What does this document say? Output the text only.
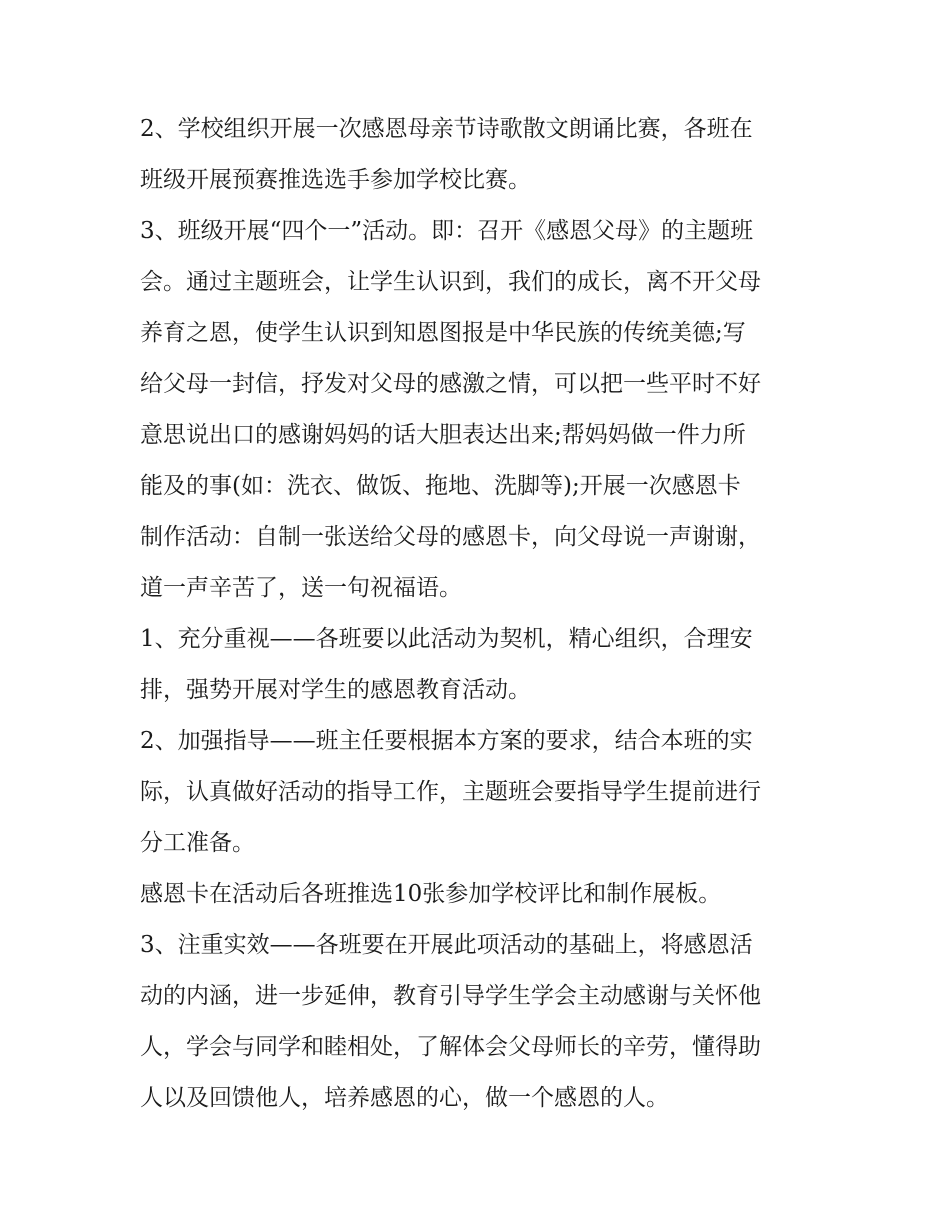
2、学校组织开展一次感恩母亲节诗歌散文朗诵比赛，各班在
班级开展预赛推选选手参加学校比赛。
3、班级开展“四个一”活动。即：召开《感恩父母》的主题班
会。通过主题班会，让学生认识到，我们的成长，离不开父母
养育之恩，使学生认识到知恩图报是中华民族的传统美德;写
给父母一封信，抒发对父母的感激之情，可以把一些平时不好
意思说出口的感谢妈妈的话大胆表达出来;帮妈妈做一件力所
能及的事(如：洗衣、做饭、拖地、洗脚等);开展一次感恩卡
制作活动：自制一张送给父母的感恩卡，向父母说一声谢谢，
道一声辛苦了，送一句祝福语。
1、充分重视——各班要以此活动为契机，精心组织，合理安
排，强势开展对学生的感恩教育活动。
2、加强指导——班主任要根据本方案的要求，结合本班的实
际，认真做好活动的指导工作，主题班会要指导学生提前进行
分工准备。
感恩卡在活动后各班推选10张参加学校评比和制作展板。
3、注重实效——各班要在开展此项活动的基础上，将感恩活
动的内涵，进一步延伸，教育引导学生学会主动感谢与关怀他
人，学会与同学和睦相处，了解体会父母师长的辛劳，懂得助
人以及回馈他人，培养感恩的心，做一个感恩的人。
